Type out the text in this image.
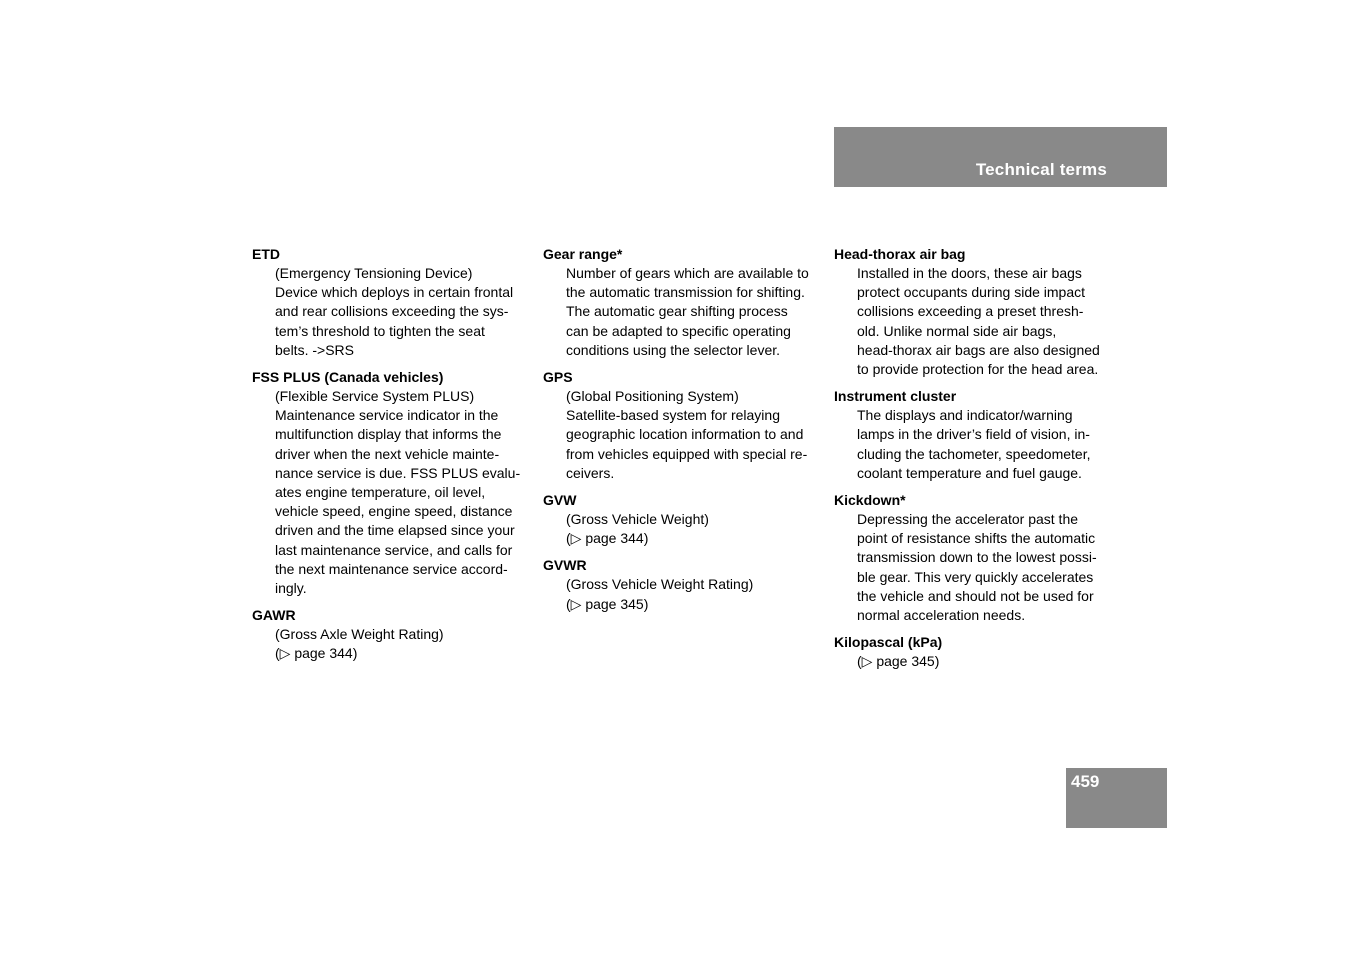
Technical terms
ETD
(Emergency Tensioning Device)
Device which deploys in certain frontal
and rear collisions exceeding the sys-
tem’s threshold to tighten the seat
belts. ->SRS
FSS PLUS (Canada vehicles)
(Flexible Service System PLUS)
Maintenance service indicator in the
multifunction display that informs the
driver when the next vehicle mainte-
nance service is due. FSS PLUS evalu-
ates engine temperature, oil level,
vehicle speed, engine speed, distance
driven and the time elapsed since your
last maintenance service, and calls for
the next maintenance service accord-
ingly.
GAWR
(Gross Axle Weight Rating)
(▷ page 344)
Gear range*
Number of gears which are available to
the automatic transmission for shifting.
The automatic gear shifting process
can be adapted to specific operating
conditions using the selector lever.
GPS
(Global Positioning System)
Satellite-based system for relaying
geographic location information to and
from vehicles equipped with special re-
ceivers.
GVW
(Gross Vehicle Weight)
(▷ page 344)
GVWR
(Gross Vehicle Weight Rating)
(▷ page 345)
Head-thorax air bag
Installed in the doors, these air bags
protect occupants during side impact
collisions exceeding a preset thresh-
old. Unlike normal side air bags,
head-thorax air bags are also designed
to provide protection for the head area.
Instrument cluster
The displays and indicator/warning
lamps in the driver’s field of vision, in-
cluding the tachometer, speedometer,
coolant temperature and fuel gauge.
Kickdown*
Depressing the accelerator past the
point of resistance shifts the automatic
transmission down to the lowest possi-
ble gear. This very quickly accelerates
the vehicle and should not be used for
normal acceleration needs.
Kilopascal (kPa)
(▷ page 345)
459
